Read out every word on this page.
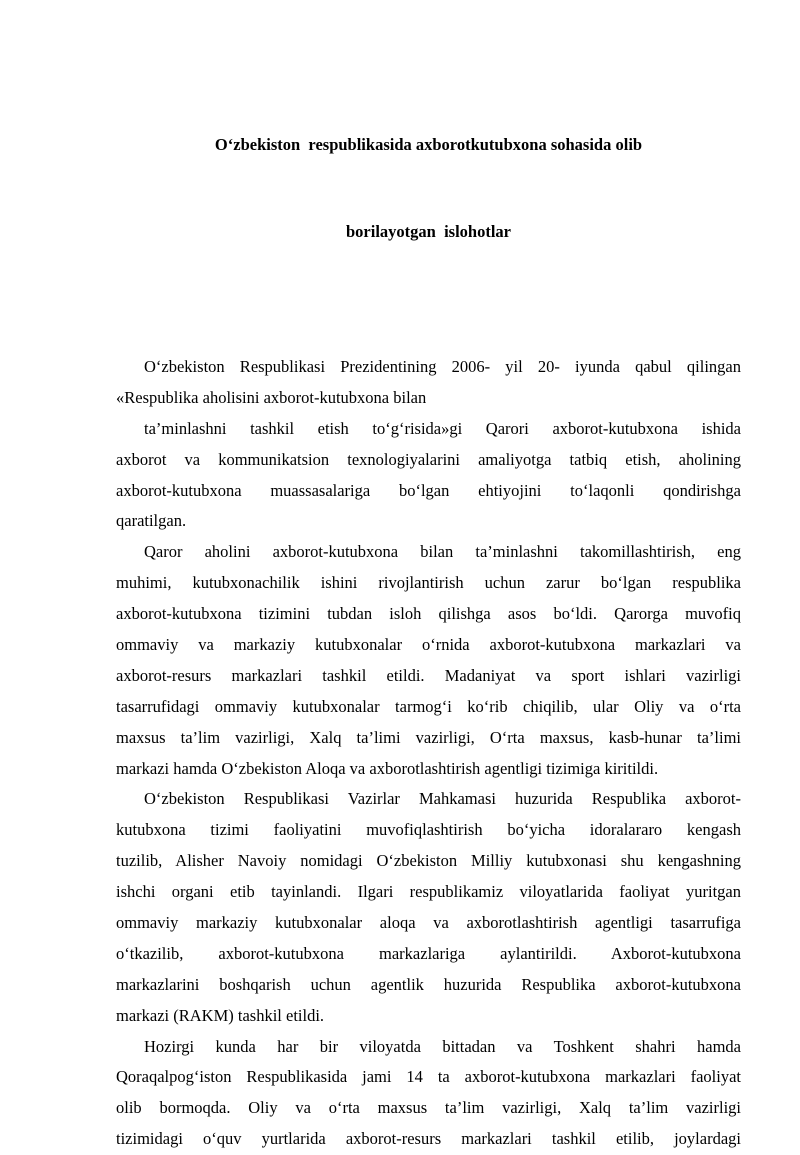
O‘zbekiston  respublikasida axborotkutubxona sohasida olib

borilayotgan  islohotlar

O‘zbekiston Respublikasi Prezidentining 2006- yil 20- iyunda qabul qilingan
«Respublika aholisini axborot-kutubxona bilan
ta’minlashni tashkil etish to‘g‘risida»gi Qarori axborot-kutubxona ishida
axborot va kommunikatsion texnologiyalarini amaliyotga tatbiq etish, aholining
axborot-kutubxona muassasalariga bo‘lgan ehtiyojini to‘laqonli qondirishga
qaratilgan.
Qaror aholini axborot-kutubxona bilan ta’minlashni takomillashtirish, eng
muhimi, kutubxonachilik ishini rivojlantirish uchun zarur bo‘lgan respublika
axborot-kutubxona tizimini tubdan isloh qilishga asos bo‘ldi. Qarorga muvofiq
ommaviy va markaziy kutubxonalar o‘rnida axborot-kutubxona markazlari va
axborot-resurs markazlari tashkil etildi. Madaniyat va sport ishlari vazirligi
tasarrufidagi ommaviy kutubxonalar tarmog‘i ko‘rib chiqilib, ular Oliy va o‘rta
maxsus ta’lim vazirligi, Xalq ta’limi vazirligi, O‘rta maxsus, kasb-hunar ta’limi
markazi hamda O‘zbekiston Aloqa va axborotlashtirish agentligi tizimiga kiritildi.
O‘zbekiston Respublikasi Vazirlar Mahkamasi huzurida Respublika axborot-
kutubxona tizimi faoliyatini muvofiqlashtirish bo‘yicha idoralararo kengash
tuzilib, Alisher Navoiy nomidagi O‘zbekiston Milliy kutubxonasi shu kengashning
ishchi organi etib tayinlandi. Ilgari respublikamiz viloyatlarida faoliyat yuritgan
ommaviy markaziy kutubxonalar aloqa va axborotlashtirish agentligi tasarrufiga
o‘tkazilib, axborot-kutubxona markazlariga aylantirildi. Axborot-kutubxona
markazlarini boshqarish uchun agentlik huzurida Respublika axborot-kutubxona
markazi (RAKM) tashkil etildi.
Hozirgi kunda har bir viloyatda bittadan va Toshkent shahri hamda
Qoraqalpog‘iston Respublikasida jami 14 ta axborot-kutubxona markazlari faoliyat
olib bormoqda. Oliy va o‘rta maxsus ta’lim vazirligi, Xalq ta’lim vazirligi
tizimidagi o‘quv yurtlarida axborot-resurs markazlari tashkil etilib, joylardagi
